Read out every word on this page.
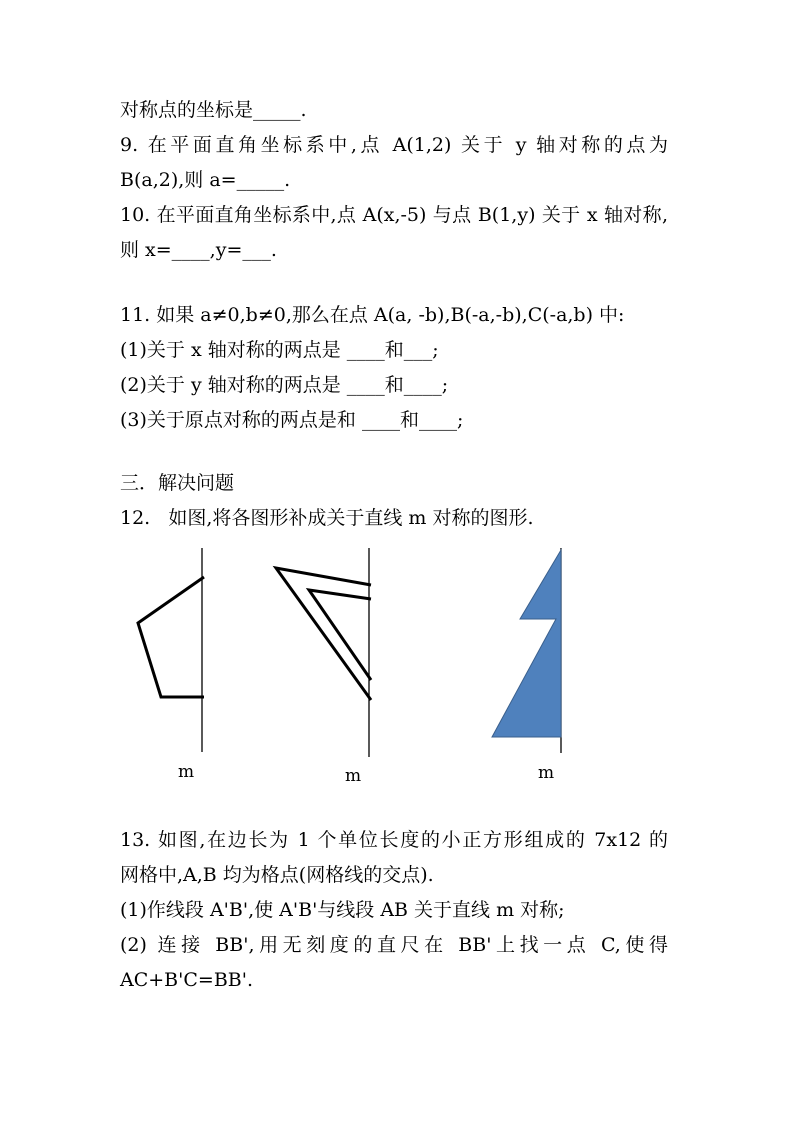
对称点的坐标是_____.
9. 在平面直角坐标系中,点 A(1,2) 关于 y 轴对称的点为
B(a,2),则 a=_____.
10. 在平面直角坐标系中,点 A(x,-5) 与点 B(1,y) 关于 x 轴对称,
则 x=____,y=___.
11. 如果 a≠0,b≠0,那么在点 A(a, -b),B(-a,-b),C(-a,b) 中:
(1)关于 x 轴对称的两点是 ____和___;
(2)关于 y 轴对称的两点是 ____和____;
(3)关于原点对称的两点是和 ____和____;
三．解决问题
12.   如图,将各图形补成关于直线 m 对称的图形.
13. 如图,在边长为 1 个单位长度的小正方形组成的 7x12 的
网格中,A,B 均为格点(网格线的交点).
(1)作线段 A'B',使 A'B'与线段 AB 关于直线 m 对称;
(2) 连接 BB',用无刻度的直尺在 BB'上找一点 C,使得
AC+B'C=BB'.
m	m	m
